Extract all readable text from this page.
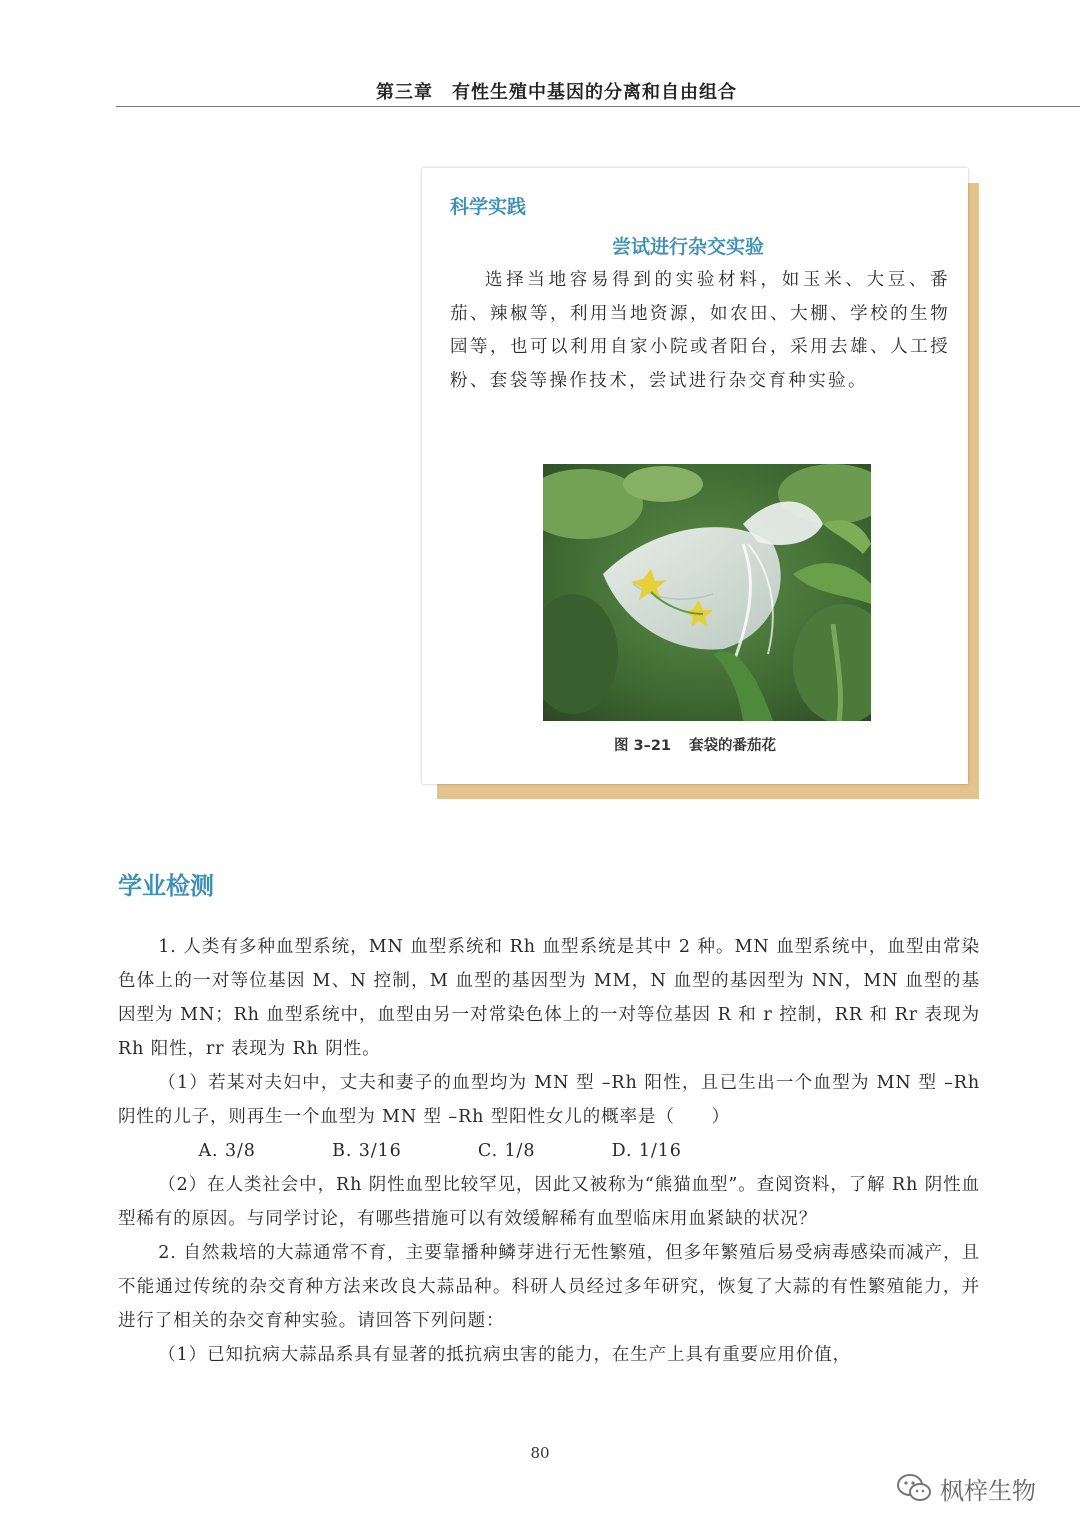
第三章　有性生殖中基因的分离和自由组合
科学实践
尝试进行杂交实验
选择当地容易得到的实验材料，如玉米、大豆、番茄、辣椒等，利用当地资源，如农田、大棚、学校的生物园等，也可以利用自家小院或者阳台，采用去雄、人工授粉、套袋等操作技术，尝试进行杂交育种实验。
图 3–21 套袋的番茄花
学业检测

1. 人类有多种血型系统，MN 血型系统和 Rh 血型系统是其中 2 种。MN 血型系统中，血型由常染色体上的一对等位基因 M、N 控制，M 血型的基因型为 MM，N 血型的基因型为 NN，MN 血型的基因型为 MN；Rh 血型系统中，血型由另一对常染色体上的一对等位基因 R 和 r 控制，RR 和 Rr 表现为 Rh 阳性，rr 表现为 Rh 阴性。

（1）若某对夫妇中，丈夫和妻子的血型均为 MN 型 –Rh 阳性，且已生出一个血型为 MN 型 –Rh 阴性的儿子，则再生一个血型为 MN 型 –Rh 型阳性女儿的概率是（　　）

A. 3/8	B. 3/16	C. 1/8	D. 1/16

（2）在人类社会中，Rh 阴性血型比较罕见，因此又被称为“熊猫血型”。查阅资料，了解 Rh 阴性血型稀有的原因。与同学讨论，有哪些措施可以有效缓解稀有血型临床用血紧缺的状况？

2. 自然栽培的大蒜通常不育，主要靠播种鳞芽进行无性繁殖，但多年繁殖后易受病毒感染而减产，且不能通过传统的杂交育种方法来改良大蒜品种。科研人员经过多年研究，恢复了大蒜的有性繁殖能力，并进行了相关的杂交育种实验。请回答下列问题：

（1）已知抗病大蒜品系具有显著的抵抗病虫害的能力，在生产上具有重要应用价值，

80
枫梓生物
